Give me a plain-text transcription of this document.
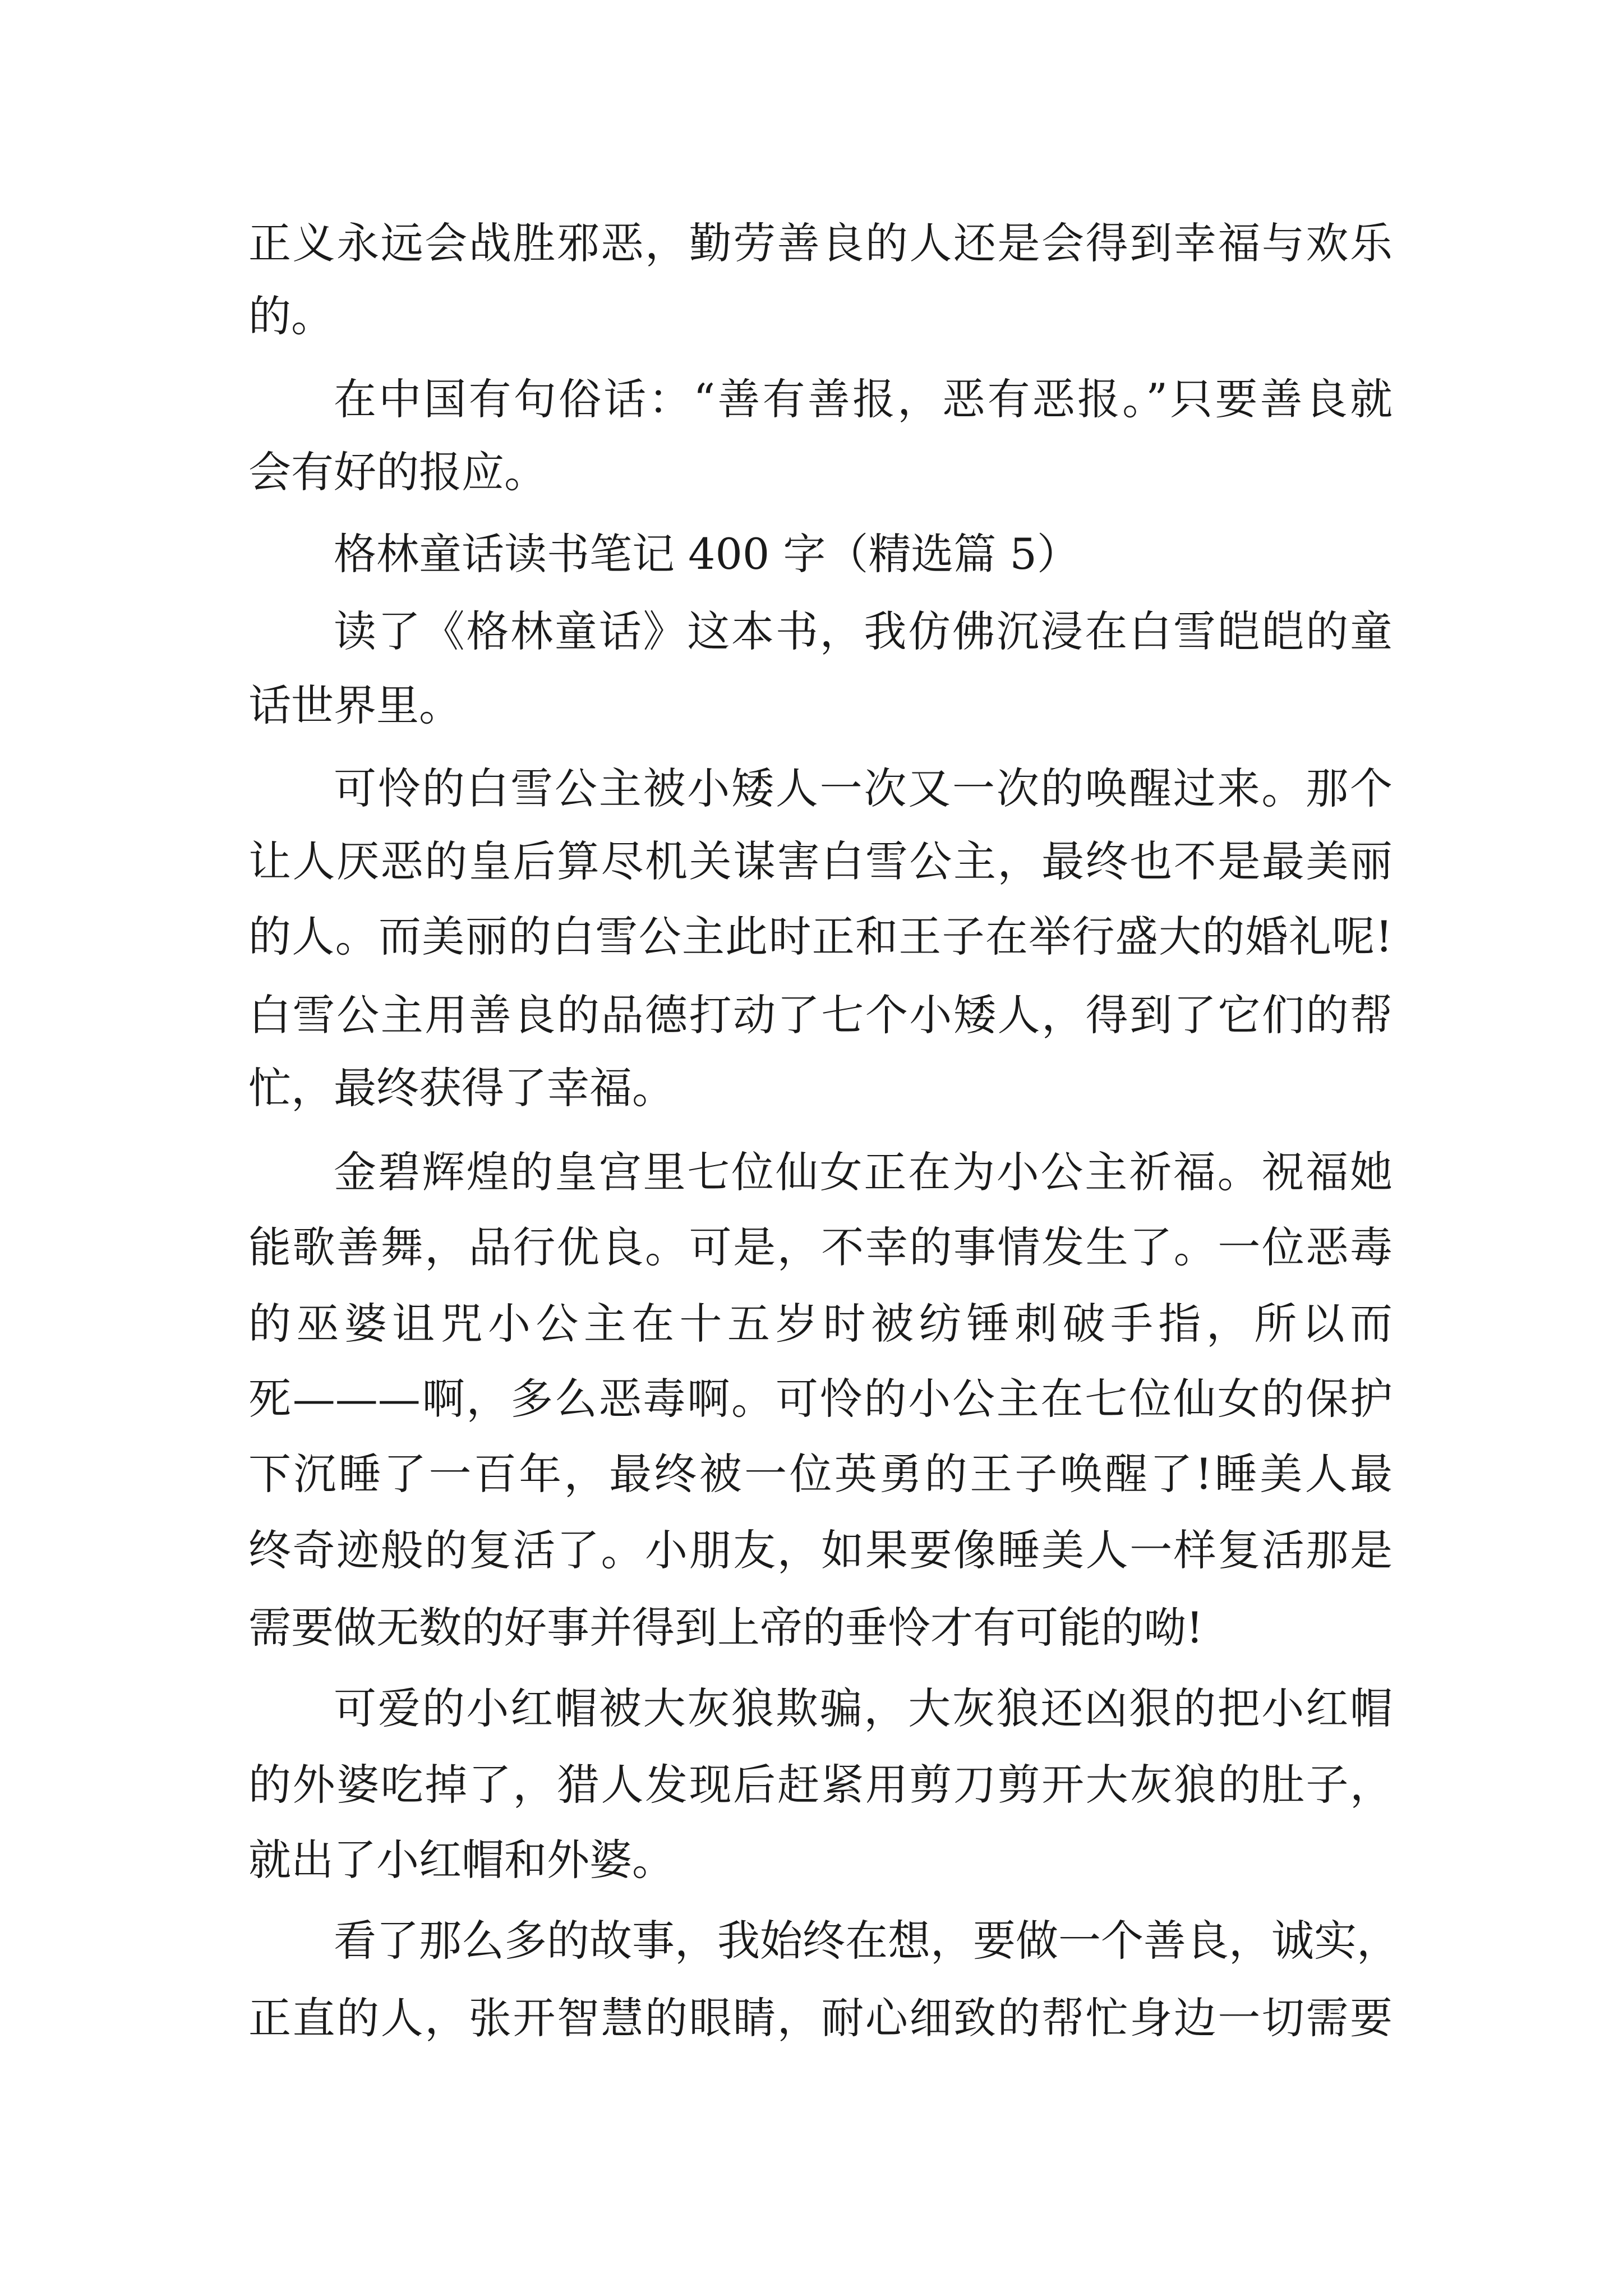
正义永远会战胜邪恶，勤劳善良的人还是会得到幸福与欢乐
的。
在中国有句俗话：“善有善报，恶有恶报。”只要善良就
会有好的报应。
格林童话读书笔记 400 字（精选篇 5）
读了《格林童话》这本书，我仿佛沉浸在白雪皑皑的童
话世界里。
可怜的白雪公主被小矮人一次又一次的唤醒过来。那个
让人厌恶的皇后算尽机关谋害白雪公主，最终也不是最美丽
的人。而美丽的白雪公主此时正和王子在举行盛大的婚礼呢!
白雪公主用善良的品德打动了七个小矮人，得到了它们的帮
忙，最终获得了幸福。
金碧辉煌的皇宫里七位仙女正在为小公主祈福。祝福她
能歌善舞，品行优良。可是，不幸的事情发生了。一位恶毒
的巫婆诅咒小公主在十五岁时被纺锤刺破手指，所以而
死———啊，多么恶毒啊。可怜的小公主在七位仙女的保护
下沉睡了一百年，最终被一位英勇的王子唤醒了!睡美人最
终奇迹般的复活了。小朋友，如果要像睡美人一样复活那是
需要做无数的好事并得到上帝的垂怜才有可能的呦!
可爱的小红帽被大灰狼欺骗，大灰狼还凶狠的把小红帽
的外婆吃掉了，猎人发现后赶紧用剪刀剪开大灰狼的肚子，
就出了小红帽和外婆。
看了那么多的故事，我始终在想，要做一个善良，诚实，
正直的人，张开智慧的眼睛，耐心细致的帮忙身边一切需要
